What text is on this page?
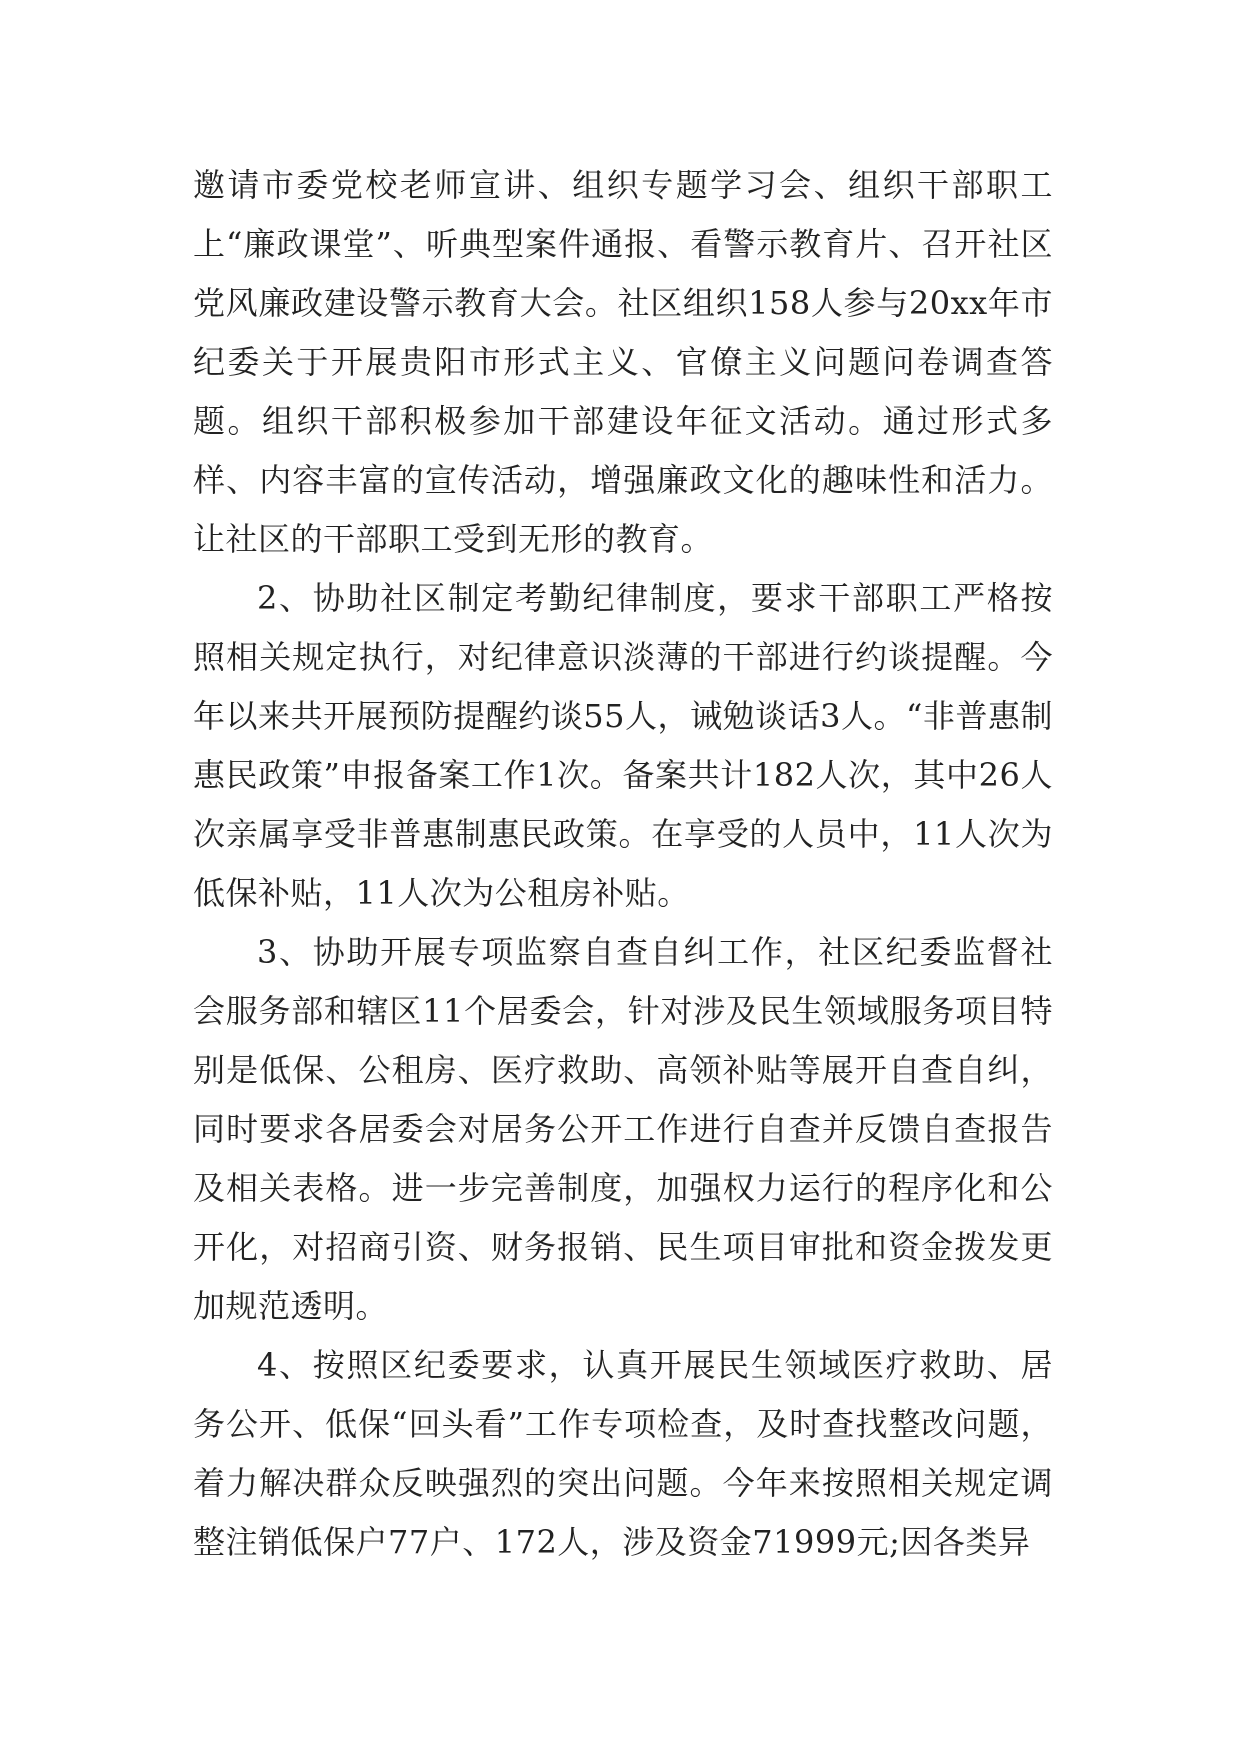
邀请市委党校老师宣讲、组织专题学习会、组织干部职工上“廉政课堂”、听典型案件通报、看警示教育片、召开社区党风廉政建设警示教育大会。社区组织158人参与20xx年市纪委关于开展贵阳市形式主义、官僚主义问题问卷调查答题。组织干部积极参加干部建设年征文活动。通过形式多样、内容丰富的宣传活动，增强廉政文化的趣味性和活力。让社区的干部职工受到无形的教育。

2、协助社区制定考勤纪律制度，要求干部职工严格按照相关规定执行，对纪律意识淡薄的干部进行约谈提醒。今年以来共开展预防提醒约谈55人，诫勉谈话3人。“非普惠制惠民政策”申报备案工作1次。备案共计182人次，其中26人次亲属享受非普惠制惠民政策。在享受的人员中，11人次为低保补贴，11人次为公租房补贴。

3、协助开展专项监察自查自纠工作，社区纪委监督社会服务部和辖区11个居委会，针对涉及民生领域服务项目特别是低保、公租房、医疗救助、高领补贴等展开自查自纠，同时要求各居委会对居务公开工作进行自查并反馈自查报告及相关表格。进一步完善制度，加强权力运行的程序化和公开化，对招商引资、财务报销、民生项目审批和资金拨发更加规范透明。

4、按照区纪委要求，认真开展民生领域医疗救助、居务公开、低保“回头看”工作专项检查，及时查找整改问题，着力解决群众反映强烈的突出问题。今年来按照相关规定调整注销低保户77户、172人，涉及资金71999元;因各类异
